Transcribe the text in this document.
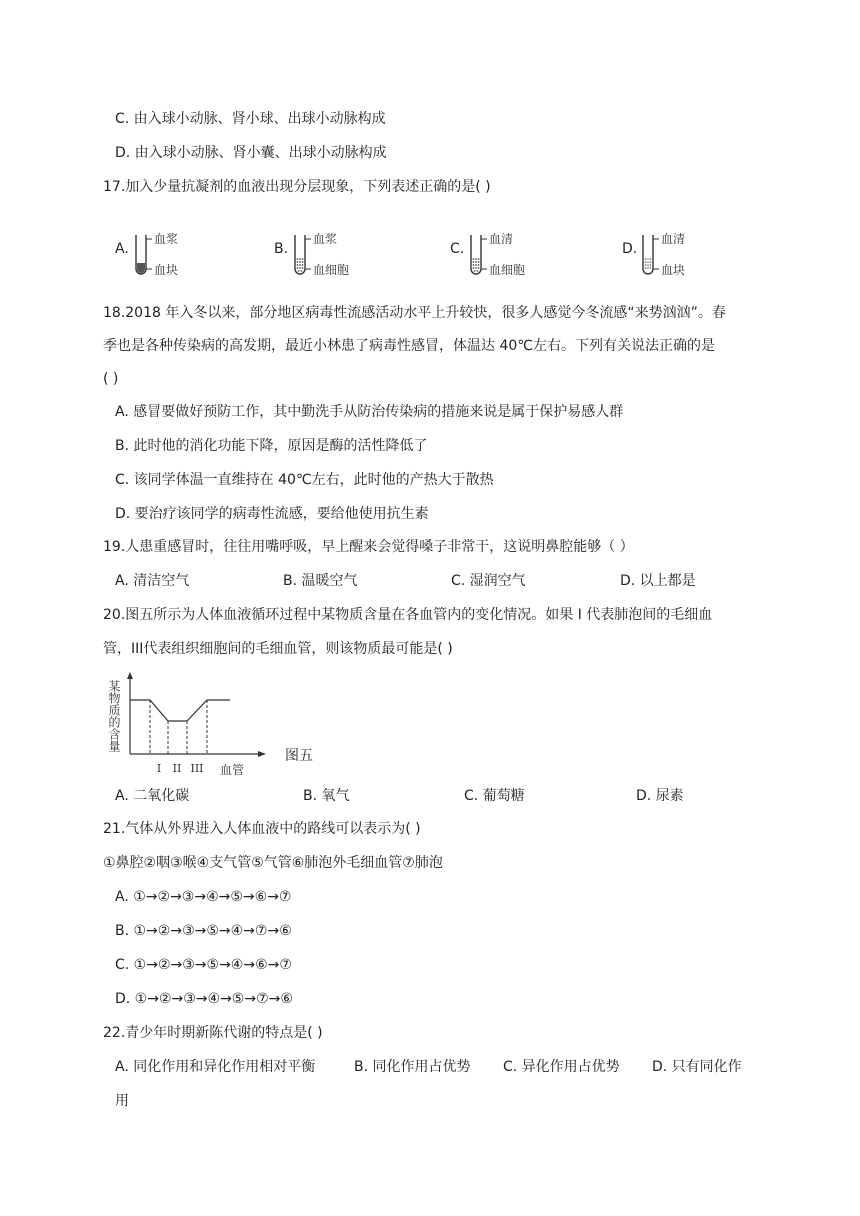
C. 由入球小动脉、肾小球、出球小动脉构成
D. 由入球小动脉、肾小囊、出球小动脉构成
17.加入少量抗凝剂的血液出现分层现象，下列表述正确的是( )
A.
血浆
血块
B.
血浆
血细胞
C.
血清
血细胞
D.
血清
血块
18.2018 年入冬以来，部分地区病毒性流感活动水平上升较快，很多人感觉今冬流感“来势汹汹”。春
季也是各种传染病的高发期，最近小林患了病毒性感冒，体温达 40℃左右。下列有关说法正确的是
( )
A. 感冒要做好预防工作，其中勤洗手从防治传染病的措施来说是属于保护易感人群
B. 此时他的消化功能下降，原因是酶的活性降低了
C. 该同学体温一直维持在 40℃左右，此时他的产热大于散热
D. 要治疗该同学的病毒性流感，要给他使用抗生素
19.人患重感冒时，往往用嘴呼吸，早上醒来会觉得嗓子非常干，这说明鼻腔能够（ ）
A. 清洁空气	B. 温暖空气	C. 湿润空气	D. 以上都是
20.图五所示为人体血液循环过程中某物质含量在各血管内的变化情况。如果 I 代表肺泡间的毛细血
管，III代表组织细胞间的毛细血管，则该物质最可能是( )
某物质的含量
I II III 血管
图五
A. 二氧化碳	B. 氧气	C. 葡萄糖	D. 尿素
21.气体从外界进入人体血液中的路线可以表示为( )
①鼻腔②咽③喉④支气管⑤气管⑥肺泡外毛细血管⑦肺泡
A. ①→②→③→④→⑤→⑥→⑦
B. ①→②→③→⑤→④→⑦→⑥
C. ①→②→③→⑤→④→⑥→⑦
D. ①→②→③→④→⑤→⑦→⑥
22.青少年时期新陈代谢的特点是( )
A. 同化作用和异化作用相对平衡	B. 同化作用占优势 C. 异化作用占优势 D. 只有同化作
用
